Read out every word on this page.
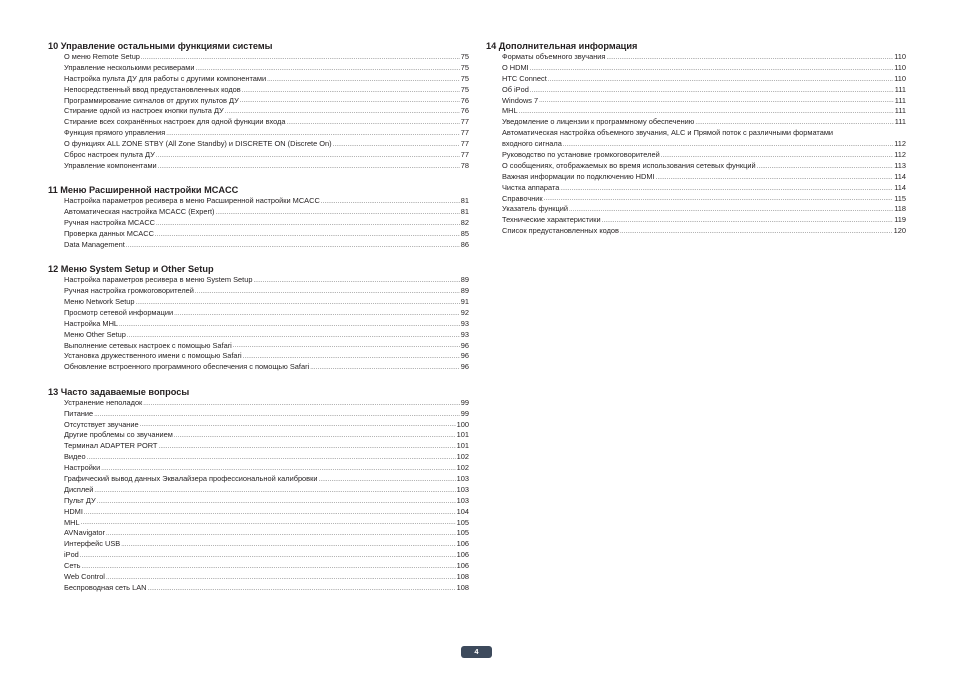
10 Управление остальными функциями системы
О меню Remote Setup .....	75
Управление несколькими ресиверами .....	75
Настройка пульта ДУ для работы с другими компонентами .....	75
Непосредственный ввод предустановленных кодов .....	75
Программирование сигналов от других пультов ДУ .....	76
Стирание одной из настроек кнопки пульта ДУ .....	76
Стирание всех сохранённых настроек для одной функции входа .....	77
Функция прямого управления .....	77
О функциях ALL ZONE STBY (All Zone Standby) и DISCRETE ON (Discrete On) .....	77
Сброс настроек пульта ДУ .....	77
Управление компонентами .....	78
11 Меню Расширенной настройки MCACC
Настройка параметров ресивера в меню Расширенной настройки MCACC .....	81
Автоматическая настройка MCACC (Expert) .....	81
Ручная настройка MCACC .....	82
Проверка данных MCACC .....	85
Data Management .....	86
12 Меню System Setup и Other Setup
Настройка параметров ресивера в меню System Setup .....	89
Ручная настройка громкоговорителей .....	89
Меню Network Setup .....	91
Просмотр сетевой информации .....	92
Настройка MHL .....	93
Меню Other Setup .....	93
Выполнение сетевых настроек с помощью Safari .....	96
Установка дружественного имени с помощью Safari .....	96
Обновление встроенного программного обеспечения с помощью Safari .....	96
13 Часто задаваемые вопросы
Устранение неполадок .....	99
Питание .....	99
Отсутствует звучание .....	100
Другие проблемы со звучанием .....	101
Терминал ADAPTER PORT .....	101
Видео .....	102
Настройки .....	102
Графический вывод данных Эквалайзера профессиональной калибровки .....	103
Дисплей .....	103
Пульт ДУ .....	103
HDMI .....	104
MHL .....	105
AVNavigator .....	105
Интерфейс USB .....	106
iPod .....	106
Сеть .....	106
Web Control .....	108
Беспроводная сеть LAN .....	108
14 Дополнительная информация
Форматы объемного звучания .....	110
О HDMI .....	110
HTC Connect .....	110
Об iPod .....	111
Windows 7 .....	111
MHL .....	111
Уведомление о лицензии к программному обеспечению .....	111
Автоматическая настройка объемного звучания, ALC и Прямой поток с различными форматами
входного сигнала .....	112
Руководство по установке громкоговорителей .....	112
О сообщениях, отображаемых во время использования сетевых функций .....	113
Важная информации по подключению HDMI .....	114
Чистка аппарата .....	114
Справочник .....	115
Указатель функций .....	118
Технические характеристики .....	119
Список предустановленных кодов .....	120
4
